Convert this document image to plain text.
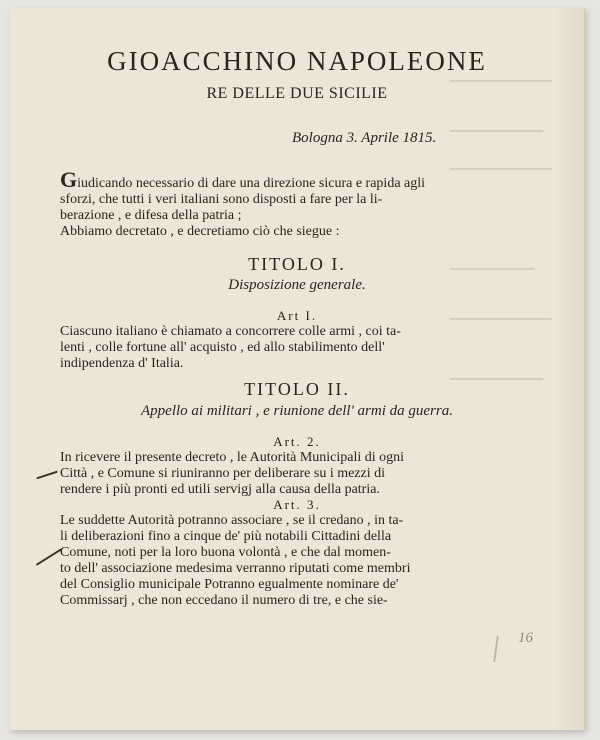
▁▁▁▁▁▁▁▁▁▁▁▁
▁▁▁▁▁▁▁▁▁▁▁
▁▁▁▁▁▁▁▁▁▁▁▁
▁▁▁▁▁▁▁▁▁▁
▁▁▁▁▁▁▁▁▁▁▁▁
▁▁▁▁▁▁▁▁▁▁▁
GIOACCHINO NAPOLEONE
RE DELLE DUE SICILIE
Bologna 3. Aprile 1815.
Giudicando necessario di dare una direzione sicura e rapida agli
sforzi, che tutti i veri italiani sono disposti a fare per la li-
berazione , e difesa della patria ;
Abbiamo decretato , e decretiamo ciò che siegue :
TITOLO I.
Disposizione generale.
Art I.
Ciascuno italiano è chiamato a concorrere colle armi , coi ta-
lenti , colle fortune all' acquisto , ed allo stabilimento dell'
indipendenza d' Italia.
TITOLO II.
Appello ai militari , e riunione dell' armi da guerra.
Art. 2.
In ricevere il presente decreto , le Autorità Municipali di ogni
Città , e Comune si riuniranno per deliberare su i mezzi di
rendere i più pronti ed utili servigj alla causa della patria.
Art. 3.
Le suddette Autorità potranno associare , se il credano , in ta-
li deliberazioni fino a cinque de' più notabili Cittadini della
Comune, noti per la loro buona volontà , e che dal momen-
to dell' associazione medesima verranno riputati come membri
del Consiglio municipale Potranno egualmente nominare de'
Commissarj , che non eccedano il numero di tre, e che sie-
16
